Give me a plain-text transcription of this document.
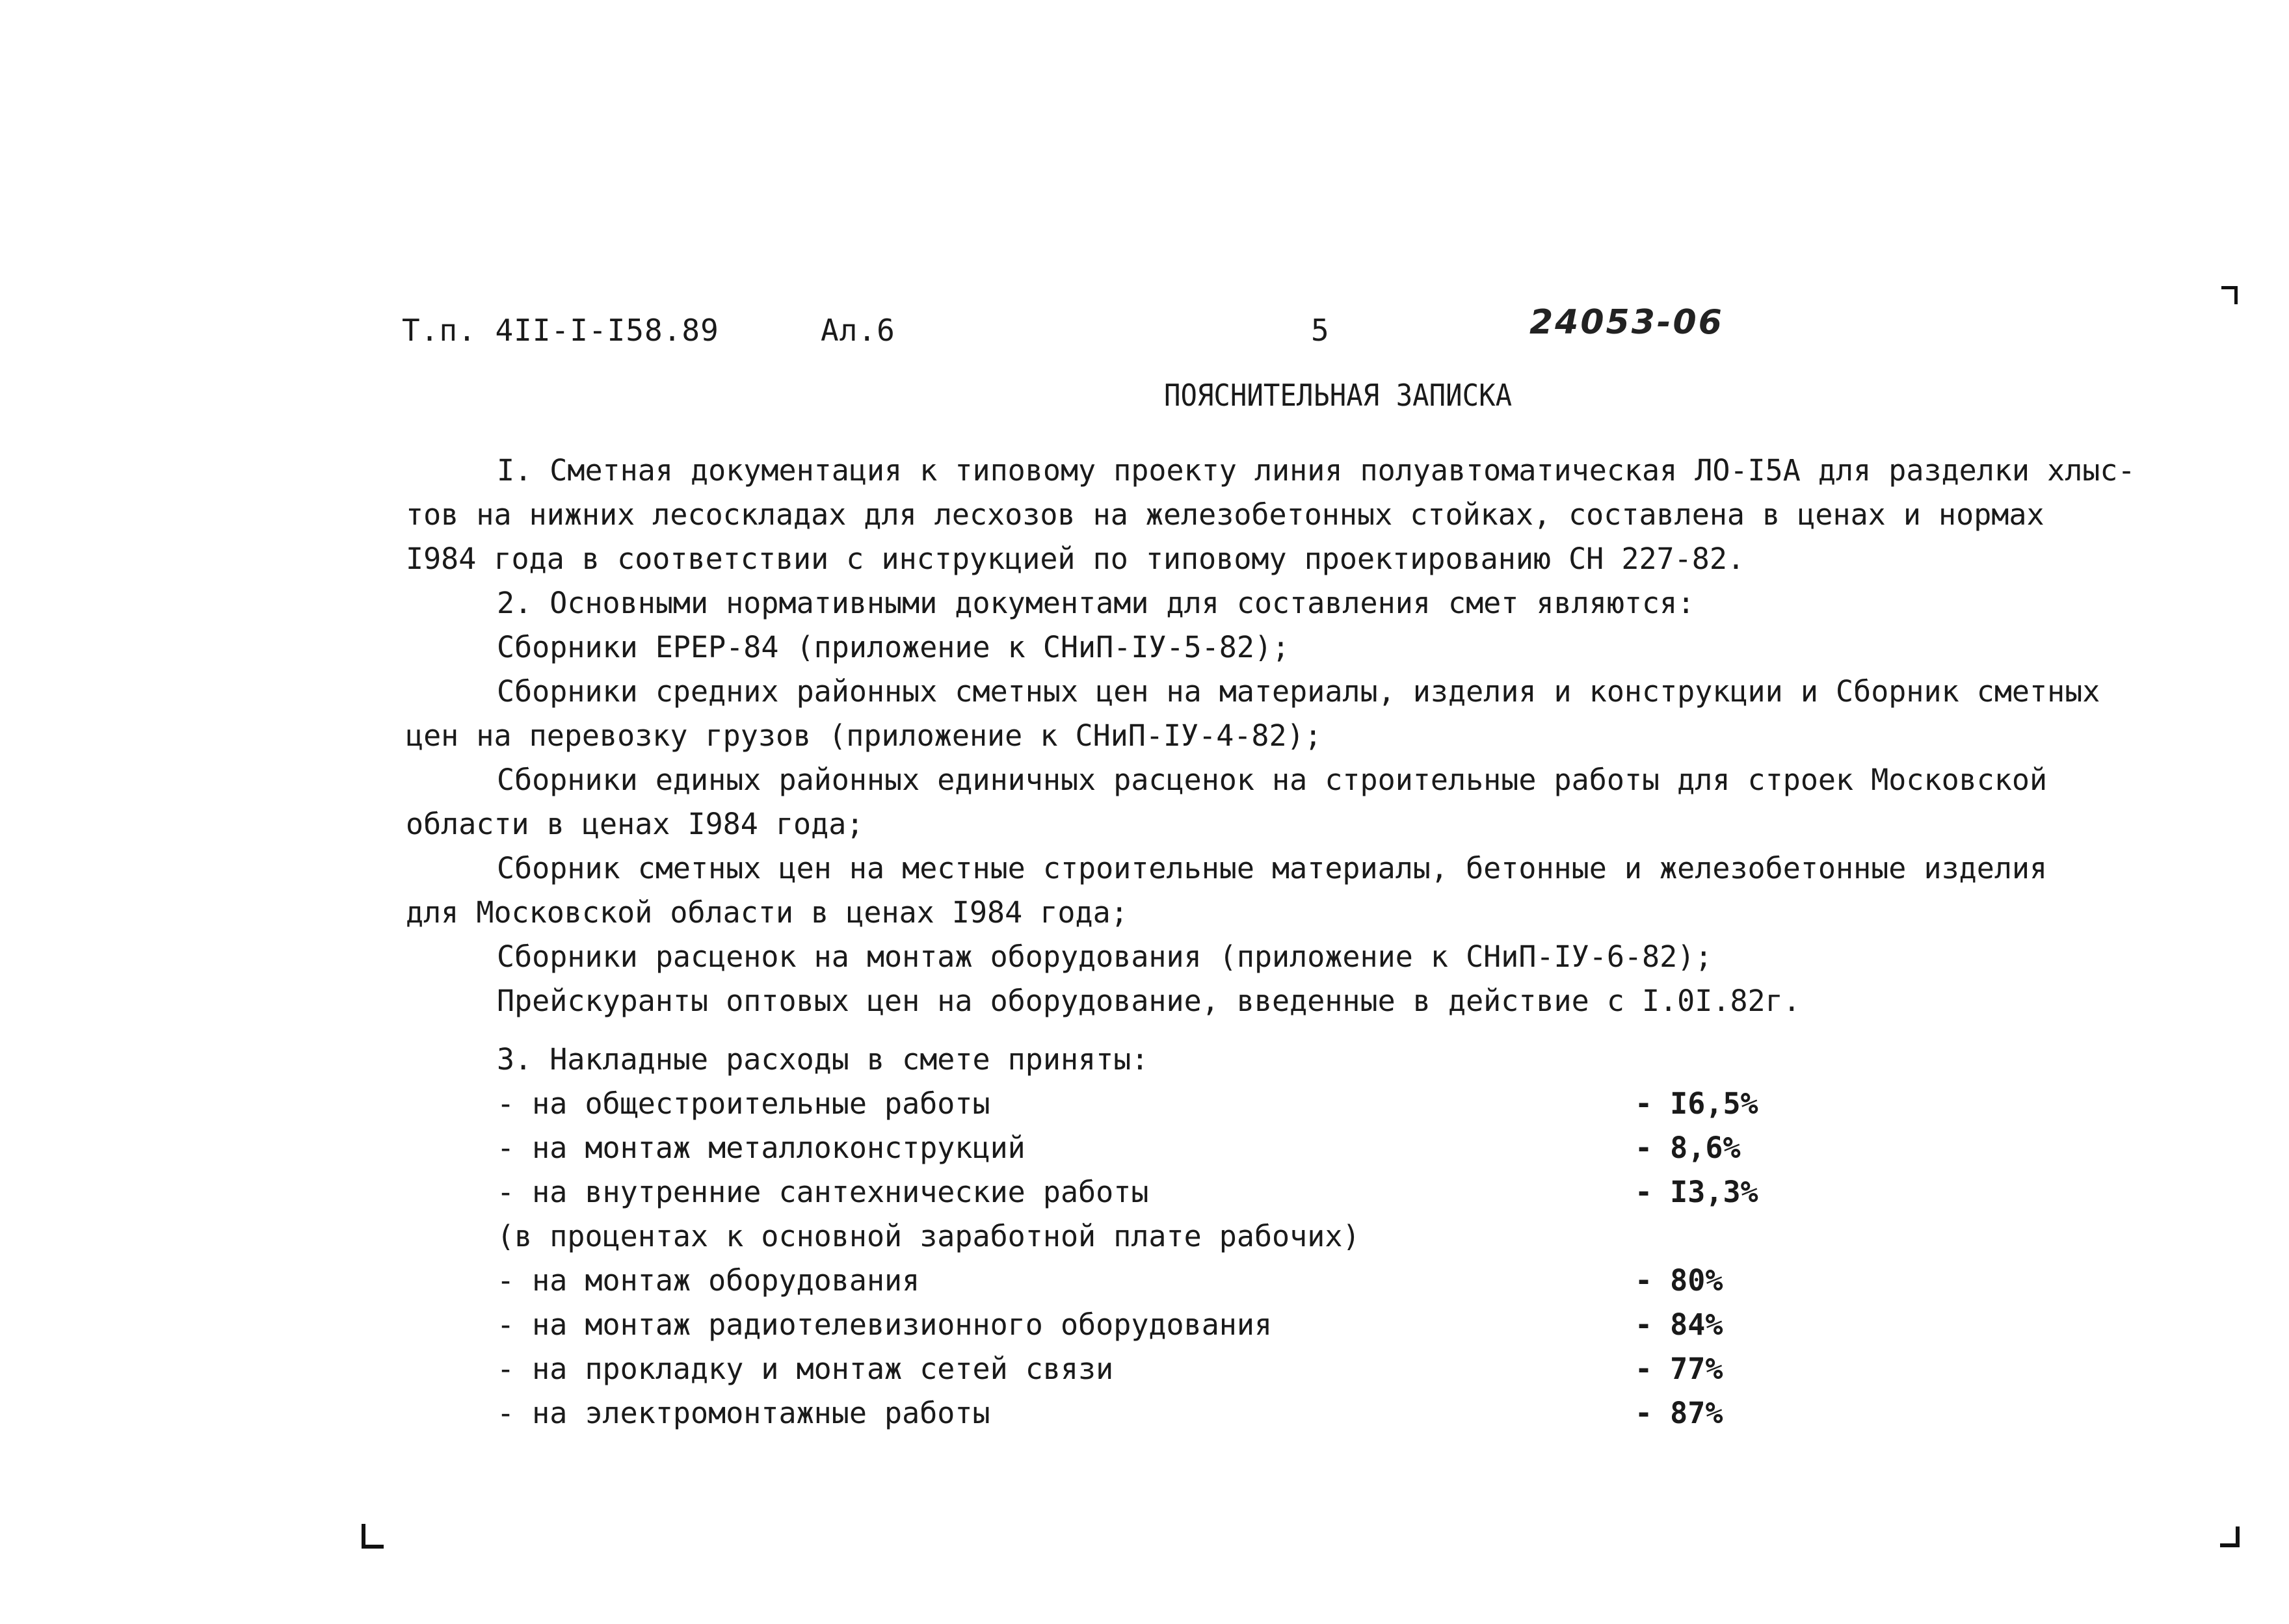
Т.п. 4II-I-I58.89	Ал.6	5	24053-06
ПОЯСНИТЕЛЬНАЯ ЗАПИСКА
I. Сметная документация к типовому проекту линия полуавтоматическая ЛО-I5А для разделки хлыс-
тов на нижних лесоскладах для лесхозов на железобетонных стойках, составлена в ценах и нормах
I984 года в соответствии с инструкцией по типовому проектированию СН 227-82.
2. Основными нормативными документами для составления смет являются:
Сборники ЕРЕР-84 (приложение к СНиП-IУ-5-82);
Сборники средних районных сметных цен на материалы, изделия и конструкции и Сборник сметных
цен на перевозку грузов (приложение к СНиП-IУ-4-82);
Сборники единых районных единичных расценок на строительные работы для строек Московской
области в ценах I984 года;
Сборник сметных цен на местные строительные материалы, бетонные и железобетонные изделия
для Московской области в ценах I984 года;
Сборники расценок на монтаж оборудования (приложение к СНиП-IУ-6-82);
Прейскуранты оптовых цен на оборудование, введенные в действие с I.0I.82г.
3. Накладные расходы в смете приняты:
- на общестроительные работы	- I6,5%
- на монтаж металлоконструкций	- 8,6%
- на внутренние сантехнические работы	- I3,3%
(в процентах к основной заработной плате рабочих)
- на монтаж оборудования	- 80%
- на монтаж радиотелевизионного оборудования	- 84%
- на прокладку и монтаж сетей связи	- 77%
- на электромонтажные работы	- 87%
